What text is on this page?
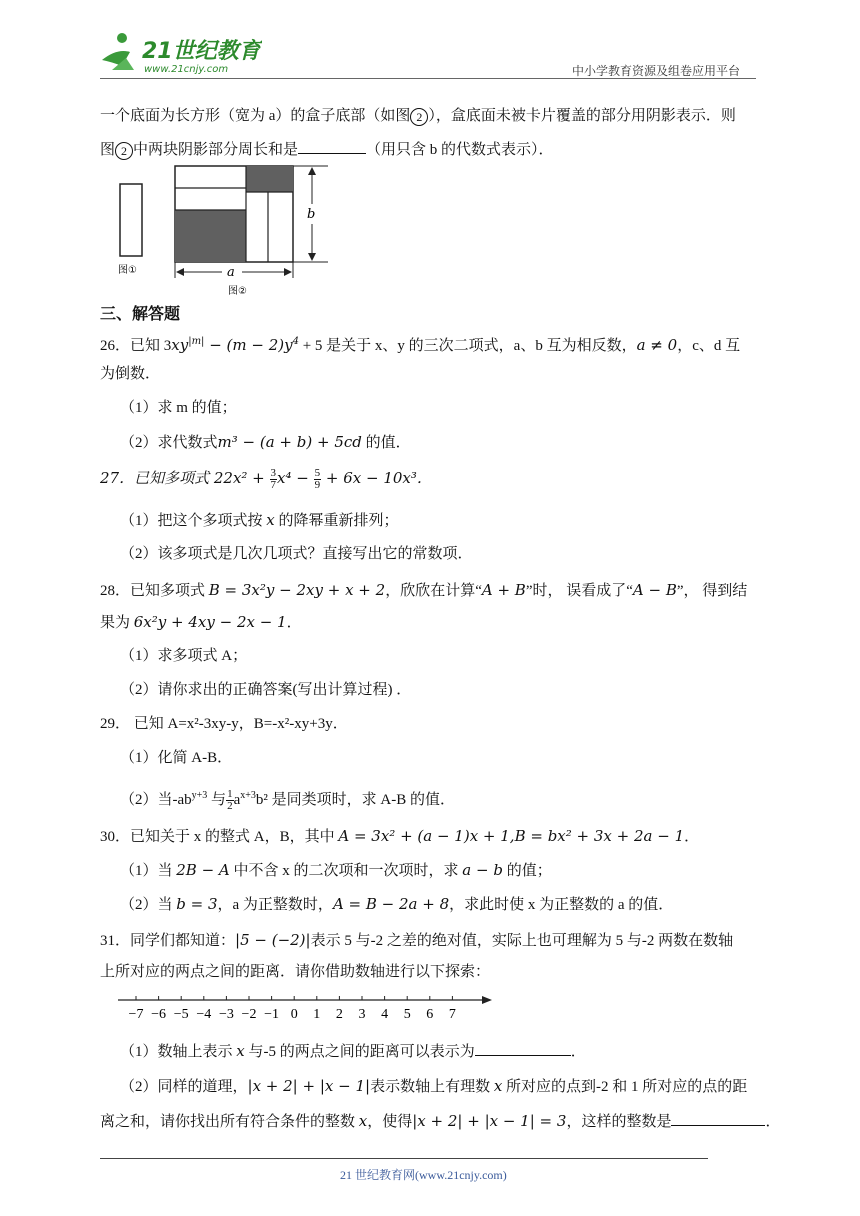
21世纪教育
www.21cnjy.com	中小学教育资源及组卷应用平台
一个底面为长方形（宽为 a）的盒子底部（如图 2 ），盒底面未被卡片覆盖的部分用阴影表示．则
图 2 中两块阴影部分周长和是	（用只含 b 的代数式表示）．
图①
b
a
图②
三、解答题
26．已知 $3xy^{|m|} - (m - 2)y^4 + 5$ 是关于 x、y 的三次二项式，a、b 互为相反数，a ≠ 0，c、d 互
为倒数．
（1）求 m 的值；
（2）求代数式m³ − (a + b) + 5cd 的值．
27．已知多项式 $22x^2 + \frac{3}{7} x^4 - \frac{5}{9} + 6x - 10x^3$．
（1）把这个多项式按 x 的降幂重新排列；
（2）该多项式是几次几项式？直接写出它的常数项．
28．已知多项式 B = 3x²y − 2xy + x + 2，欣欣在计算“A + B”时， 误看成了“A − B”， 得到结
果为 6x²y + 4xy − 2x − 1．
（1）求多项式 A；
（2）请你求出的正确答案(写出计算过程) ．
29． 已知 A=x²-3xy-y，B=-x²-xy+3y．
（1）化简 A-B．
（2）当$-ab^{y+3}$ 与 $\frac{1}{2} a^{x+3}b^2$ 是同类项时，求 A-B 的值．
30．已知关于 x 的整式 A，B，其中 A = 3x² + (a − 1)x + 1,B = bx² + 3x + 2a − 1．
（1）当 2B − A 中不含 x 的二次项和一次项时，求 a − b 的值；
（2）当 b = 3，a 为正整数时，A = B − 2a + 8，求此时使 x 为正整数的 a 的值．
31．同学们都知道：|5 − (−2)|表示 5 与-2 之差的绝对值，实际上也可理解为 5 与-2 两数在数轴
上所对应的两点之间的距离．请你借助数轴进行以下探索：
−7 −6 −5 −4 −3 −2 −1 0 1 2 3 4 5 6 7
（1）数轴上表示 x 与-5 的两点之间的距离可以表示为	．
（2）同样的道理，|x + 2| + |x − 1|表示数轴上有理数 x 所对应的点到-2 和 1 所对应的点的距
离之和，请你找出所有符合条件的整数 x，使得|x + 2| + |x − 1| = 3，这样的整数是	．
21 世纪教育网(www.21cnjy.com)
